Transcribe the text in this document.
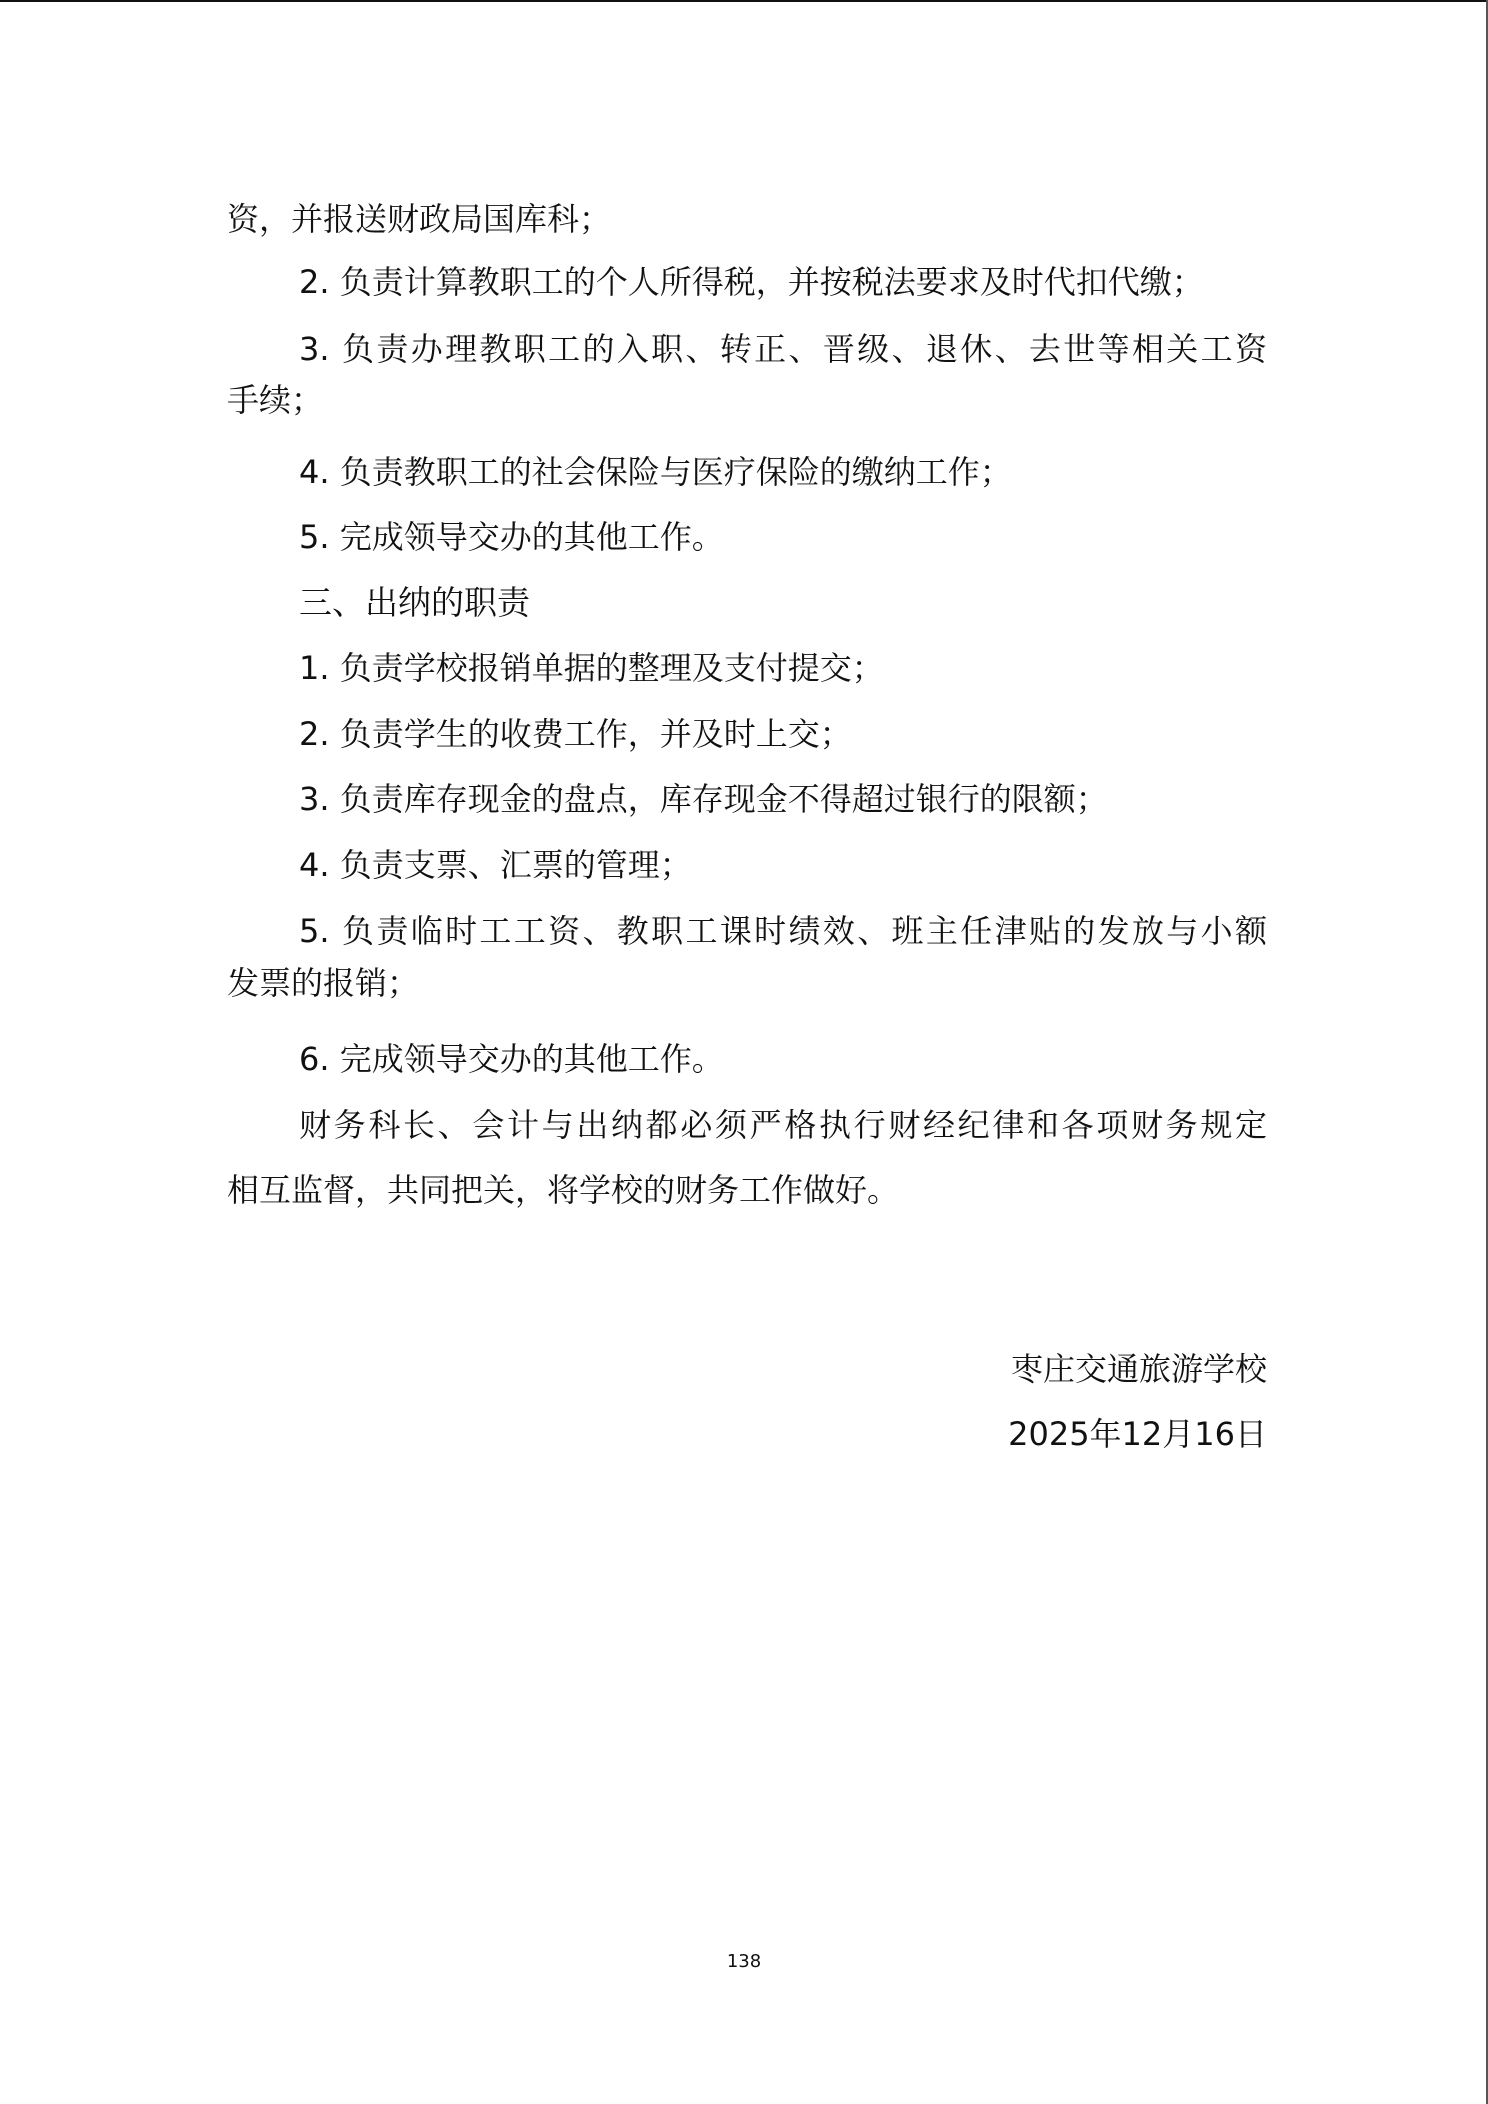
资，并报送财政局国库科；
2. 负责计算教职工的个人所得税，并按税法要求及时代扣代缴；
3. 负责办理教职工的入职、转正、晋级、退休、去世等相关工资
手续；
4. 负责教职工的社会保险与医疗保险的缴纳工作；
5. 完成领导交办的其他工作。
三、出纳的职责
1. 负责学校报销单据的整理及支付提交；
2. 负责学生的收费工作，并及时上交；
3. 负责库存现金的盘点，库存现金不得超过银行的限额；
4. 负责支票、汇票的管理；
5. 负责临时工工资、教职工课时绩效、班主任津贴的发放与小额
发票的报销；
6. 完成领导交办的其他工作。
财务科长、会计与出纳都必须严格执行财经纪律和各项财务规定
相互监督，共同把关，将学校的财务工作做好。
枣庄交通旅游学校
2025年12月16日
138
